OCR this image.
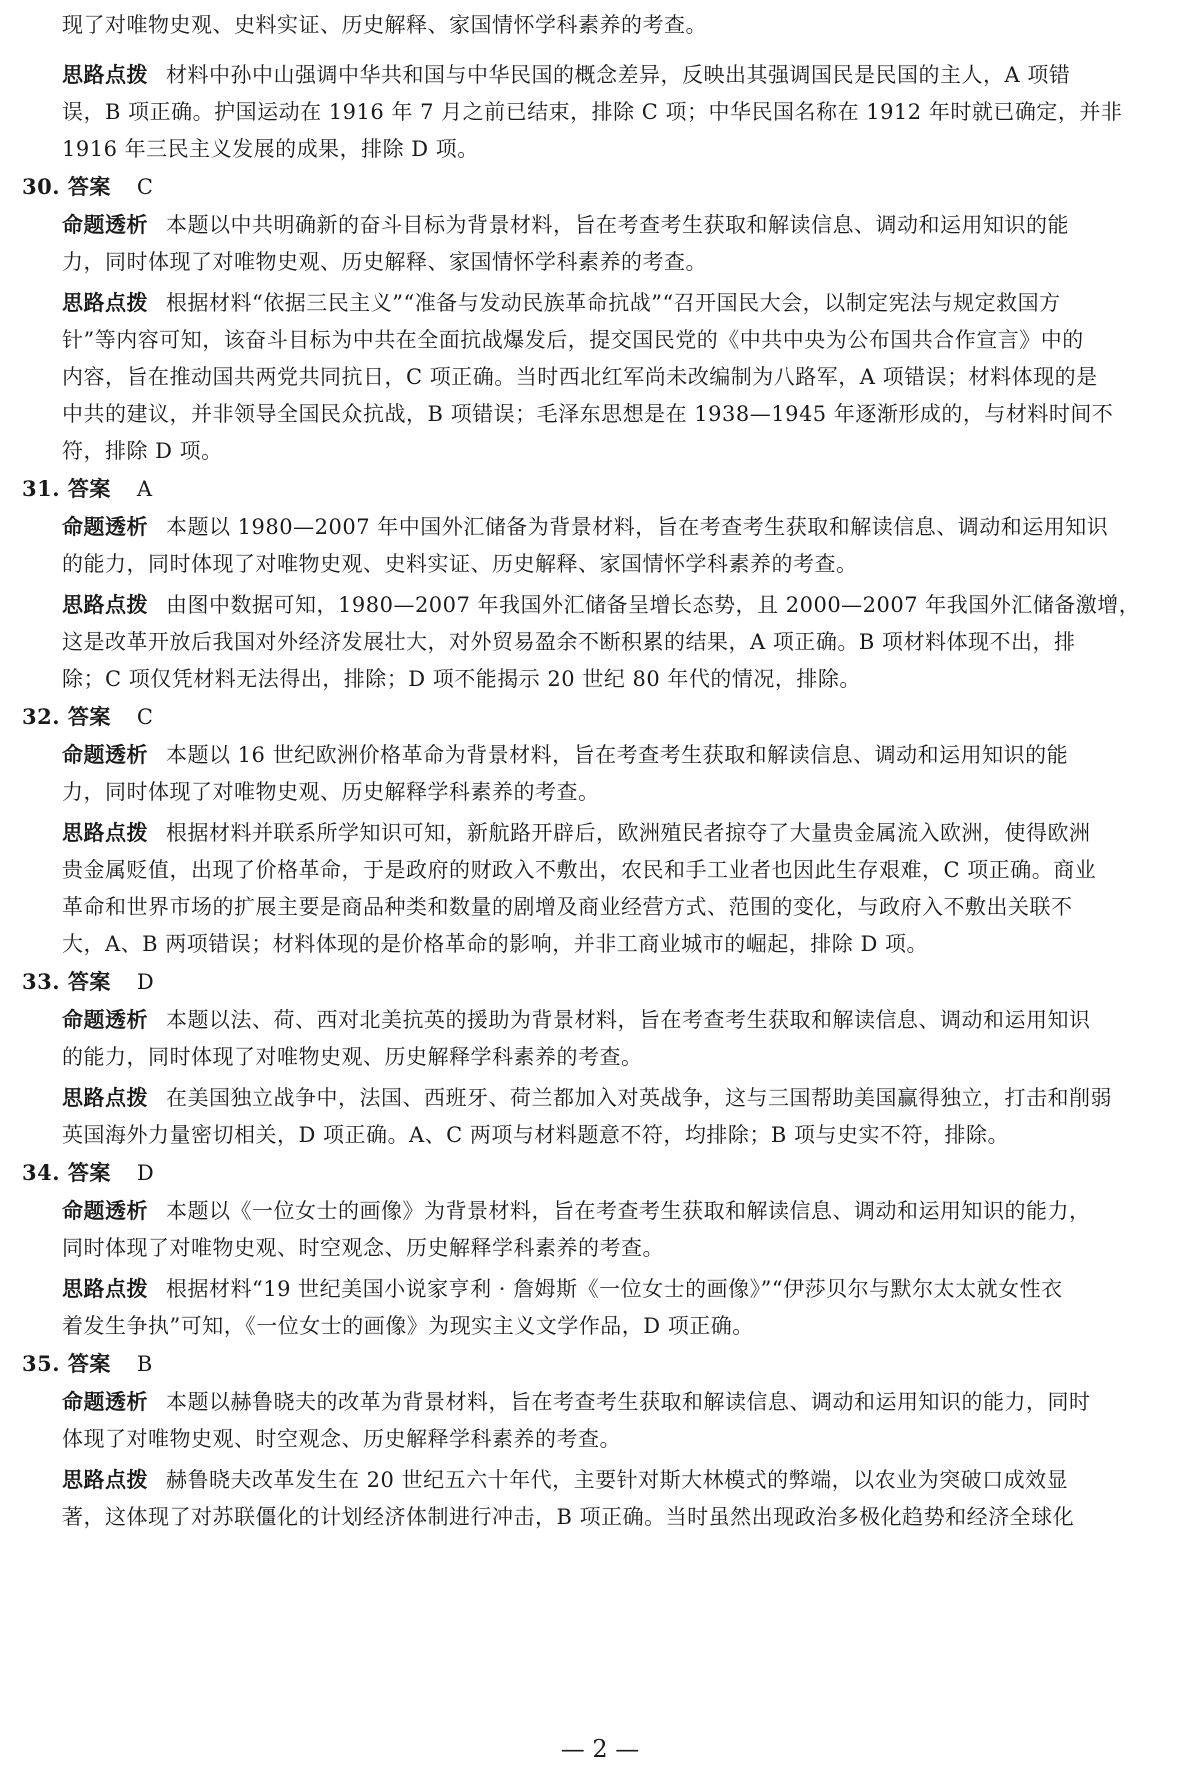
现了对唯物史观、史料实证、历史解释、家国情怀学科素养的考查。
思路点拨 材料中孙中山强调中华共和国与中华民国的概念差异，反映出其强调国民是民国的主人，A 项错
误，B 项正确。护国运动在 1916 年 7 月之前已结束，排除 C 项；中华民国名称在 1912 年时就已确定，并非
1916 年三民主义发展的成果，排除 D 项。
30. 答案 C
命题透析 本题以中共明确新的奋斗目标为背景材料，旨在考查考生获取和解读信息、调动和运用知识的能
力，同时体现了对唯物史观、历史解释、家国情怀学科素养的考查。
思路点拨 根据材料“依据三民主义”“准备与发动民族革命抗战”“召开国民大会，以制定宪法与规定救国方
针”等内容可知，该奋斗目标为中共在全面抗战爆发后，提交国民党的《中共中央为公布国共合作宣言》中的
内容，旨在推动国共两党共同抗日，C 项正确。当时西北红军尚未改编制为八路军，A 项错误；材料体现的是
中共的建议，并非领导全国民众抗战，B 项错误；毛泽东思想是在 1938—1945 年逐渐形成的，与材料时间不
符，排除 D 项。
31. 答案 A
命题透析 本题以 1980—2007 年中国外汇储备为背景材料，旨在考查考生获取和解读信息、调动和运用知识
的能力，同时体现了对唯物史观、史料实证、历史解释、家国情怀学科素养的考查。
思路点拨 由图中数据可知，1980—2007 年我国外汇储备呈增长态势，且 2000—2007 年我国外汇储备激增，
这是改革开放后我国对外经济发展壮大，对外贸易盈余不断积累的结果，A 项正确。B 项材料体现不出，排
除；C 项仅凭材料无法得出，排除；D 项不能揭示 20 世纪 80 年代的情况，排除。
32. 答案 C
命题透析 本题以 16 世纪欧洲价格革命为背景材料，旨在考查考生获取和解读信息、调动和运用知识的能
力，同时体现了对唯物史观、历史解释学科素养的考查。
思路点拨 根据材料并联系所学知识可知，新航路开辟后，欧洲殖民者掠夺了大量贵金属流入欧洲，使得欧洲
贵金属贬值，出现了价格革命，于是政府的财政入不敷出，农民和手工业者也因此生存艰难，C 项正确。商业
革命和世界市场的扩展主要是商品种类和数量的剧增及商业经营方式、范围的变化，与政府入不敷出关联不
大，A、B 两项错误；材料体现的是价格革命的影响，并非工商业城市的崛起，排除 D 项。
33. 答案 D
命题透析 本题以法、荷、西对北美抗英的援助为背景材料，旨在考查考生获取和解读信息、调动和运用知识
的能力，同时体现了对唯物史观、历史解释学科素养的考查。
思路点拨 在美国独立战争中，法国、西班牙、荷兰都加入对英战争，这与三国帮助美国赢得独立，打击和削弱
英国海外力量密切相关，D 项正确。A、C 两项与材料题意不符，均排除；B 项与史实不符，排除。
34. 答案 D
命题透析 本题以《一位女士的画像》为背景材料，旨在考查考生获取和解读信息、调动和运用知识的能力，
同时体现了对唯物史观、时空观念、历史解释学科素养的考查。
思路点拨 根据材料“19 世纪美国小说家亨利 · 詹姆斯《一位女士的画像》”“伊莎贝尔与默尔太太就女性衣
着发生争执”可知，《一位女士的画像》为现实主义文学作品，D 项正确。
35. 答案 B
命题透析 本题以赫鲁晓夫的改革为背景材料，旨在考查考生获取和解读信息、调动和运用知识的能力，同时
体现了对唯物史观、时空观念、历史解释学科素养的考查。
思路点拨 赫鲁晓夫改革发生在 20 世纪五六十年代，主要针对斯大林模式的弊端，以农业为突破口成效显
著，这体现了对苏联僵化的计划经济体制进行冲击，B 项正确。当时虽然出现政治多极化趋势和经济全球化
— 2 —
